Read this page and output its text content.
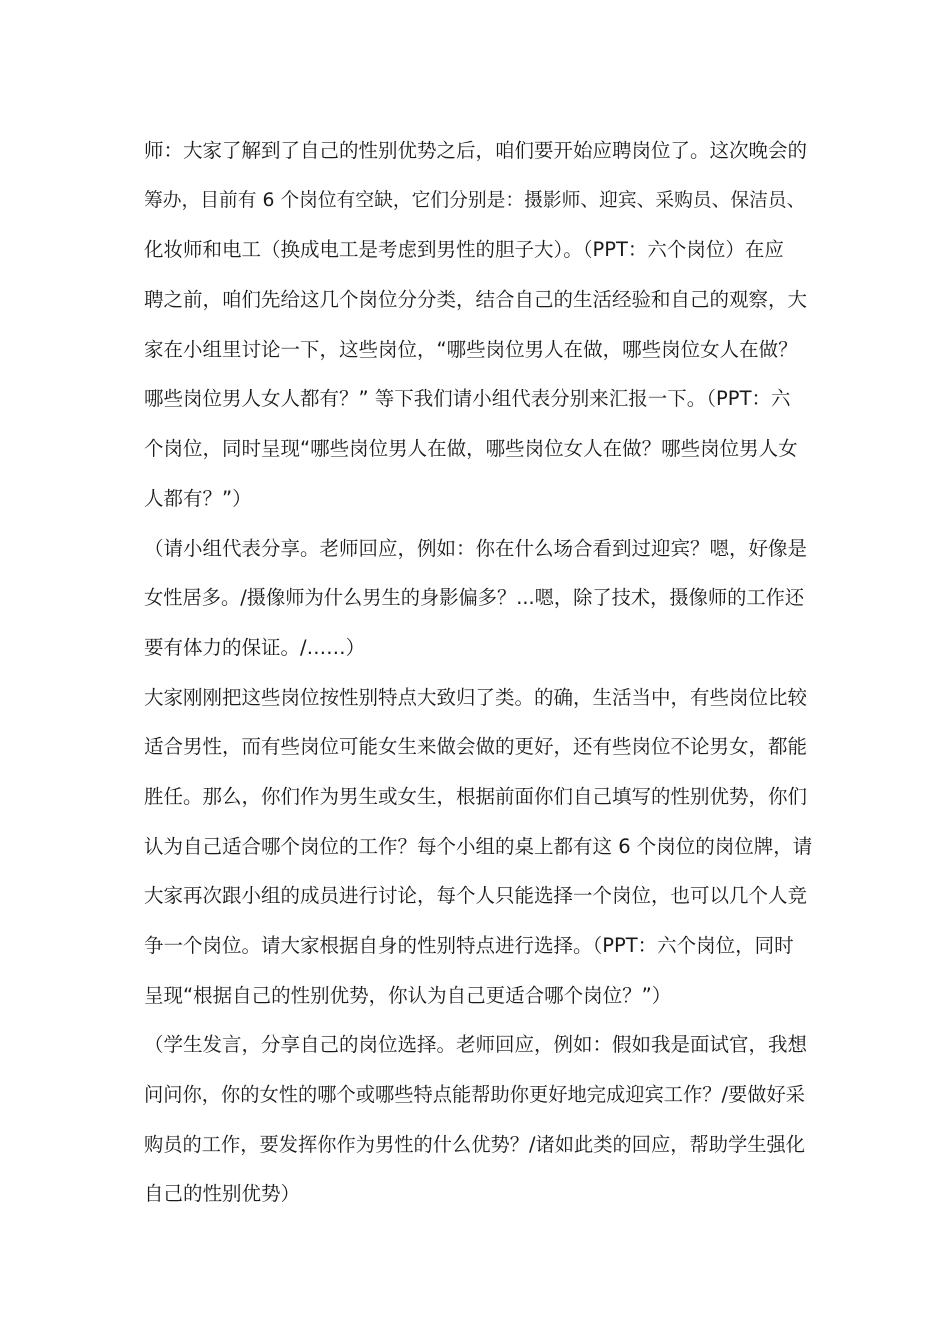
师：大家了解到了自己的性别优势之后，咱们要开始应聘岗位了。这次晚会的
筹办，目前有 6 个岗位有空缺，它们分别是：摄影师、迎宾、采购员、保洁员、
化妆师和电工（换成电工是考虑到男性的胆子大）。（PPT：六个岗位）在应
聘之前，咱们先给这几个岗位分分类，结合自己的生活经验和自己的观察，大
家在小组里讨论一下，这些岗位，“哪些岗位男人在做，哪些岗位女人在做？
哪些岗位男人女人都有？” 等下我们请小组代表分别来汇报一下。（PPT：六
个岗位，同时呈现“哪些岗位男人在做，哪些岗位女人在做？哪些岗位男人女
人都有？”）
（请小组代表分享。老师回应，例如：你在什么场合看到过迎宾？嗯，好像是
女性居多。/摄像师为什么男生的身影偏多？...嗯，除了技术，摄像师的工作还
要有体力的保证。/……）
大家刚刚把这些岗位按性别特点大致归了类。的确，生活当中，有些岗位比较
适合男性，而有些岗位可能女生来做会做的更好，还有些岗位不论男女，都能
胜任。那么，你们作为男生或女生，根据前面你们自己填写的性别优势，你们
认为自己适合哪个岗位的工作？每个小组的桌上都有这 6 个岗位的岗位牌，请
大家再次跟小组的成员进行讨论，每个人只能选择一个岗位，也可以几个人竞
争一个岗位。请大家根据自身的性别特点进行选择。（PPT：六个岗位，同时
呈现“根据自己的性别优势，你认为自己更适合哪个岗位？”）
（学生发言，分享自己的岗位选择。老师回应，例如：假如我是面试官，我想
问问你，你的女性的哪个或哪些特点能帮助你更好地完成迎宾工作？/要做好采
购员的工作，要发挥你作为男性的什么优势？/诸如此类的回应，帮助学生强化
自己的性别优势）
